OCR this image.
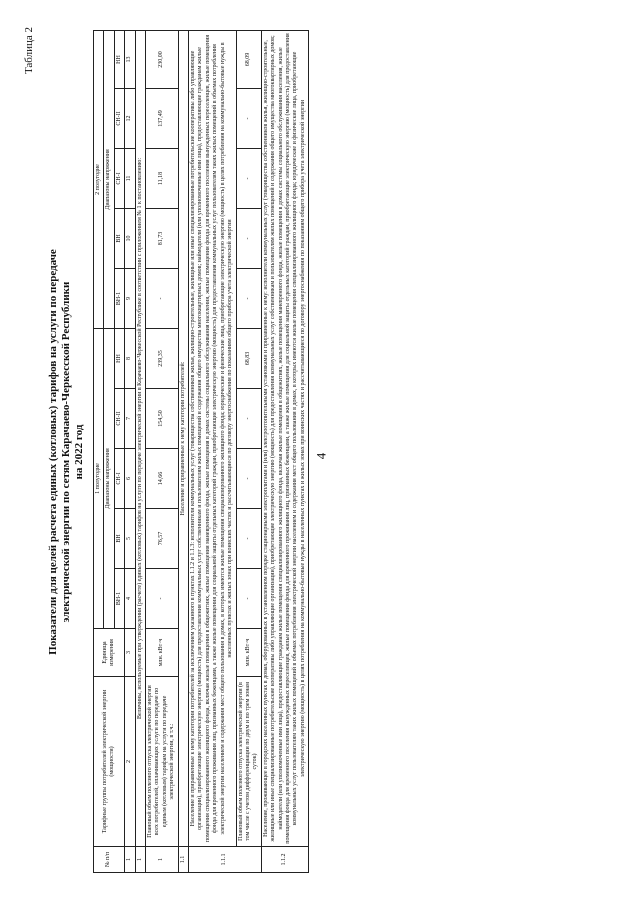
4
Таблица 2
Показатели для целей расчета единых (котловых) тарифов на услуги по передаче электрической энергии по сетям Карачаево-Черкесской Республики на 2022 год
№ п/п	Тарифные группы потребителей электрической энергии (мощности)	Единица измерения	1 полугодие					2 полугодие				
			Диапазоны напряжения					Диапазоны напряжения				
			ВН-1	ВН	СН-I	СН-II	НН	ВН-1	ВН	СН-I	СН-II	НН
1	2	3	4	5	6	7	8	9	10	11	12	13
1	Величины, используемые при утверждении (расчете) единых (котловых) тарифов на услуги по передаче электрической энергии в Карачаево-Черкесской Республике в соответствии с приложением № 1 к постановлению:											
1	Плановый объем полезного отпуска электрической энергии всех потребителей, оплачивающих услуги по передаче по единым (котловым) тарифам на услуги по передаче электрической энергии, в т.ч.:	млн. кВт·ч	-	76,57	14,66	154,50	239,35	-	81,73	11,18	137,49	230,00
1.1	Население и приравненные к нему категории потребителей:											
1.1.1	Население и приравненные к нему категории потребителей за исключением указанного в пунктах 1.1.2 и 1.1.3: исполнители коммунальных услуг (товарищества собственников жилья, жилищно-строительные, жилищные или иные специализированные потребительские кооперативы либо управляющие организации), приобретающие электрическую энергию (мощность) для предоставления коммунальных услуг собственникам и пользователям жилых помещений и содержания общего имущества многоквартирных домов; наймодатели (или уполномоченные ими лица), предоставляющие гражданам жилые помещения специализированного жилищного фонда, включая жилые помещения в общежитиях, жилые помещения маневренного фонда, жилые помещения в домах системы социального обслуживания населения, жилые помещения фонда для временного поселения вынужденных переселенцев, жилые помещения фонда для временного проживания лиц, признанных беженцами, а также жилые помещения для социальной защиты отдельных категорий граждан, приобретающие электрическую энергию (мощность) для предоставления коммунальных услуг пользователям таких жилых помещений в объемах потребления электрической энергии населением и содержания мест общего пользования в домах, в которых имеются жилые помещения специализированного жилищного фонда; юридические и физические лица, приобретающие электрическую энергию (мощность) в целях потребления на коммунально-бытовые нужды в населенных пунктах и жилых зонах при воинских частях и рассчитывающиеся по договору энергоснабжения по показаниям общего прибора учета электрической энергии											
	Плановый объем полезного отпуска электрической энергии (в том числе с учетом дифференциации по двум и по трем зонам суток)	млн. кВт·ч	-	-	-	-	68,83	-	-	-	-	68,09
1.1.2	Население, проживающее в городских населенных пунктах в домах, оборудованных в установленном порядке стационарными электроплитами и (или) электроотопительными установками и приравненные к нему: исполнители коммунальных услуг (товарищества собственников жилья, жилищно-строительные, жилищные или иные специализированные потребительские кооперативы либо управляющие организации), приобретающие электрическую энергию (мощность) для предоставления коммунальных услуг собственникам и пользователям жилых помещений и содержания общего имущества многоквартирных домов; наймодатели (или уполномоченные ими лица), предоставляющие гражданам жилые помещения специализированного жилищного фонда, включая жилые помещения в общежитиях, жилые помещения маневренного фонда, жилые помещения в домах системы социального обслуживания населения, жилые помещения фонда для временного поселения вынужденных переселенцев, жилые помещения фонда для временного проживания лиц, признанных беженцами, а также жилые помещения для социальной защиты отдельных категорий граждан, приобретающие электрическую энергию (мощность) для предоставления коммунальных услуг пользователям таких жилых помещений в объемах потребления электрической энергии населением и содержания мест общего пользования в домах, в которых имеются жилые помещения специализированного жилищного фонда; юридические и физические лица, приобретающие электрическую энергию (мощность) в целях потребления на коммунально-бытовые нужды в населенных пунктах и жилых зонах при воинских частях и рассчитывающиеся по договору энергоснабжения по показаниям общего прибора учета электрической энергии											
